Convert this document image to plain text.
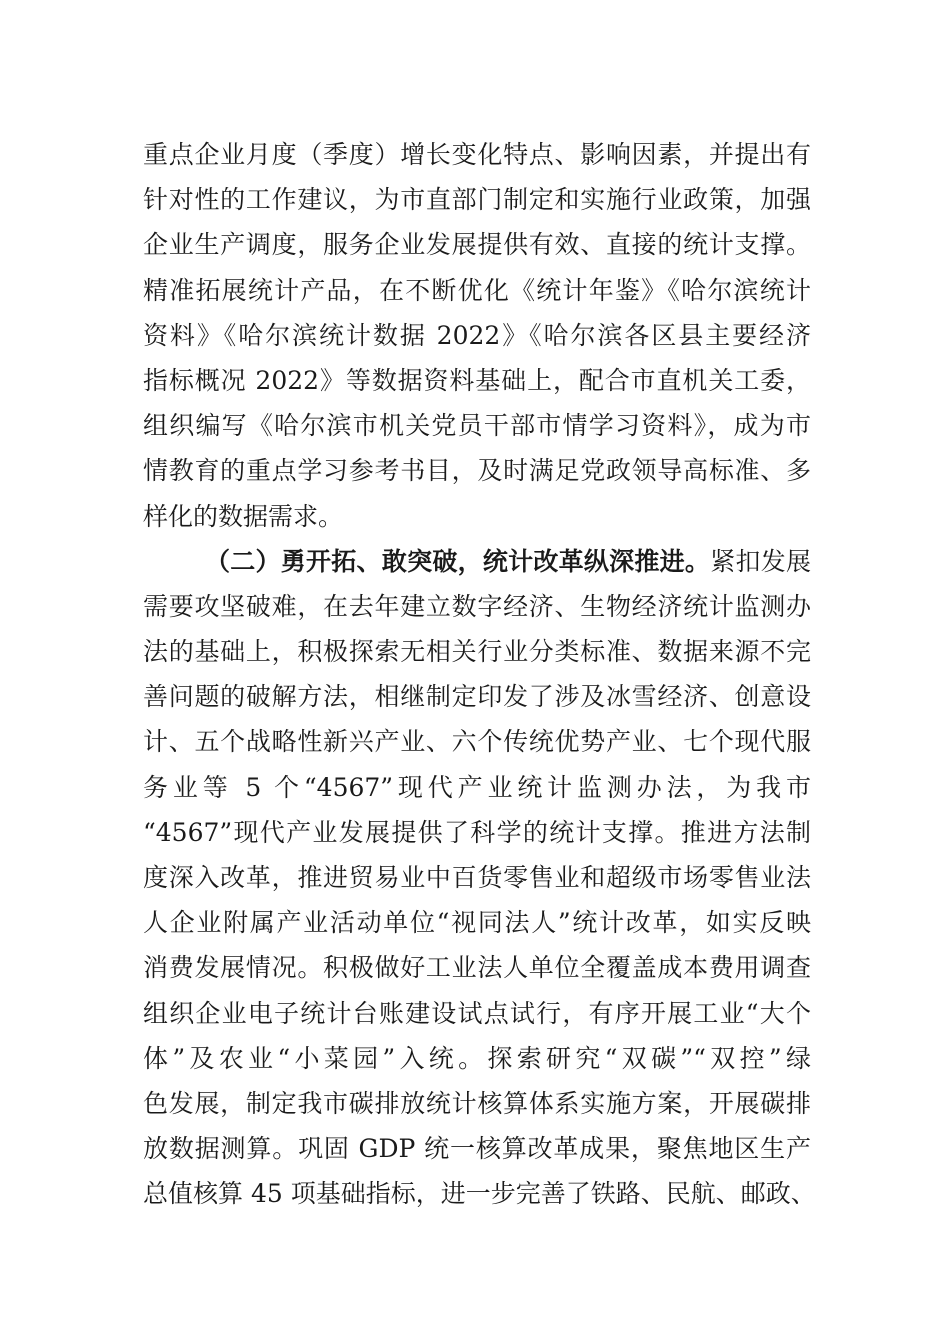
重点企业月度（季度）增长变化特点、影响因素，并提出有
针对性的工作建议，为市直部门制定和实施行业政策，加强
企业生产调度，服务企业发展提供有效、直接的统计支撑。
精准拓展统计产品，在不断优化《统计年鉴》《哈尔滨统计
资料》《哈尔滨统计数据 2022》《哈尔滨各区县主要经济
指标概况 2022》等数据资料基础上，配合市直机关工委，
组织编写《哈尔滨市机关党员干部市情学习资料》，成为市
情教育的重点学习参考书目，及时满足党政领导高标准、多
样化的数据需求。
（二）勇开拓、敢突破，统计改革纵深推进。紧扣发展
需要攻坚破难，在去年建立数字经济、生物经济统计监测办
法的基础上，积极探索无相关行业分类标准、数据来源不完
善问题的破解方法，相继制定印发了涉及冰雪经济、创意设
计、五个战略性新兴产业、六个传统优势产业、七个现代服
务业等 5 个“4567”现代产业统计监测办法，为我市
“4567”现代产业发展提供了科学的统计支撑。推进方法制
度深入改革，推进贸易业中百货零售业和超级市场零售业法
人企业附属产业活动单位“视同法人”统计改革，如实反映
消费发展情况。积极做好工业法人单位全覆盖成本费用调查
组织企业电子统计台账建设试点试行，有序开展工业“大个
体”及农业“小菜园”入统。探索研究“双碳”“双控”绿
色发展，制定我市碳排放统计核算体系实施方案，开展碳排
放数据测算。巩固 GDP 统一核算改革成果，聚焦地区生产
总值核算 45 项基础指标，进一步完善了铁路、民航、邮政、
